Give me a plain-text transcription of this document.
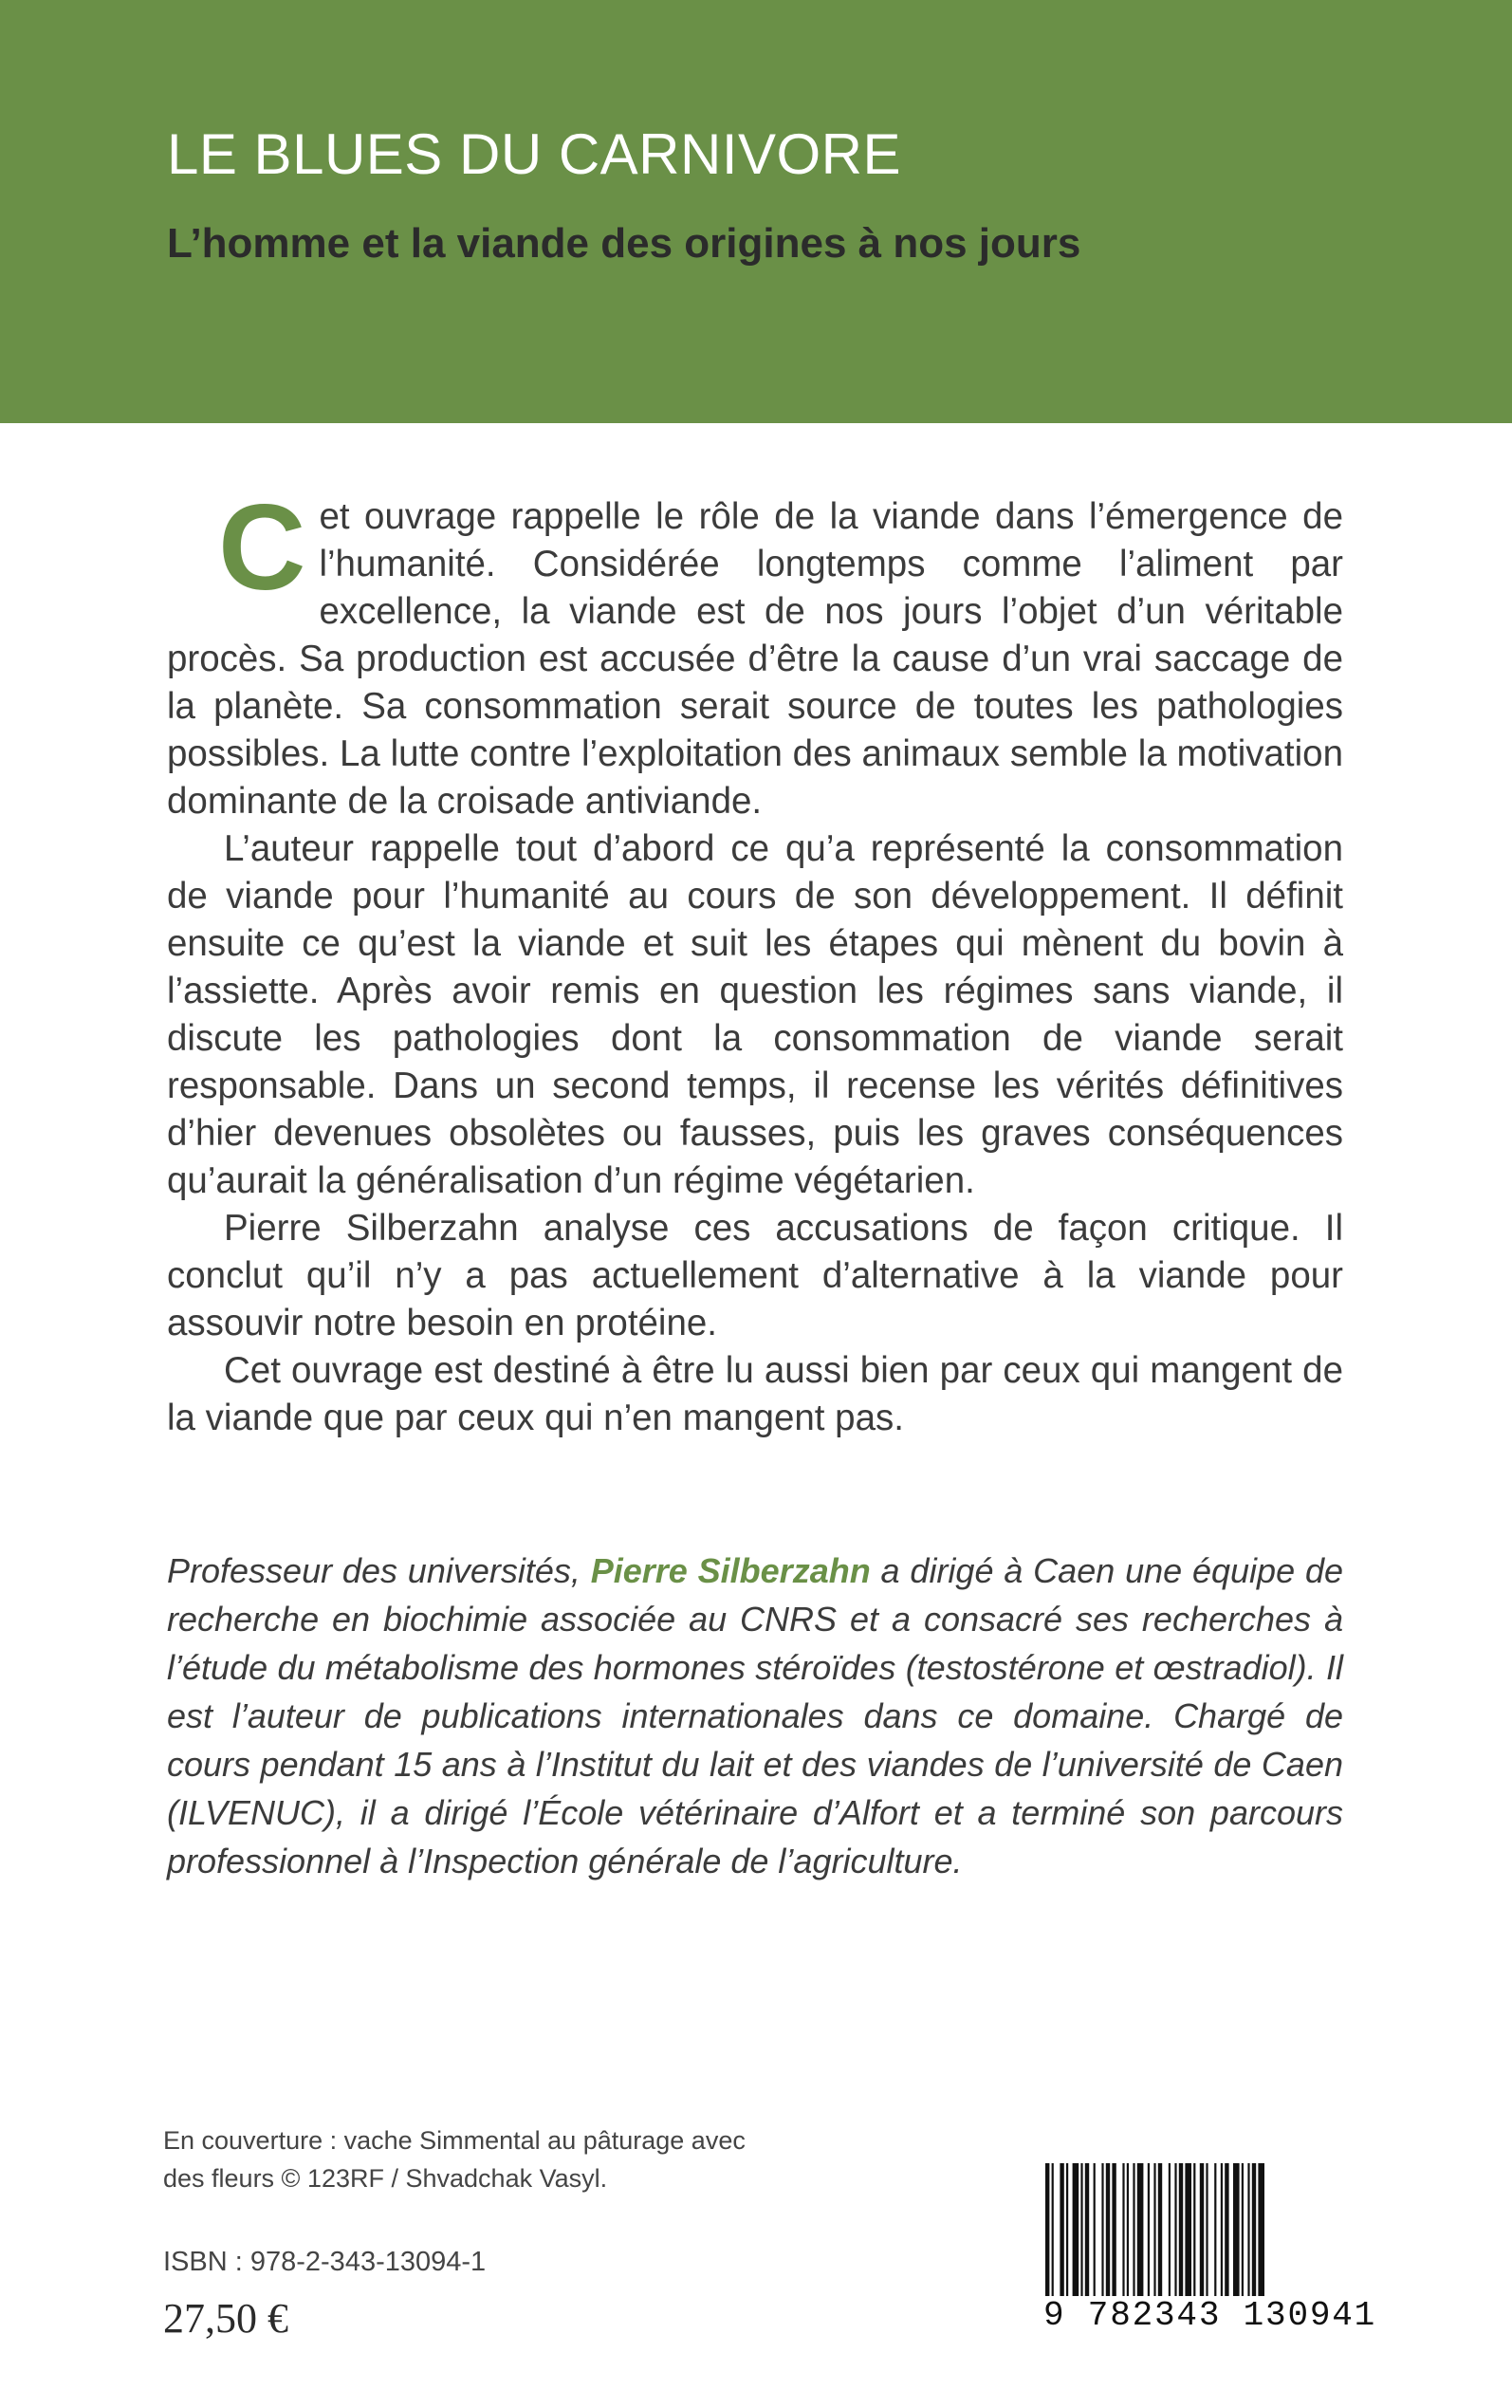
LE BLUES DU CARNIVORE
L’homme et la viande des origines à nos jours

Cet ouvrage rappelle le rôle de la viande dans l’émergence de l’humanité. Considérée longtemps comme l’aliment par excellence, la viande est de nos jours l’objet d’un véritable procès. Sa production est accusée d’être la cause d’un vrai saccage de la planète. Sa consommation serait source de toutes les pathologies possibles. La lutte contre l’exploitation des animaux semble la motivation dominante de la croisade antiviande.

L’auteur rappelle tout d’abord ce qu’a représenté la consommation de viande pour l’humanité au cours de son développement. Il définit ensuite ce qu’est la viande et suit les étapes qui mènent du bovin à l’assiette. Après avoir remis en question les régimes sans viande, il discute les pathologies dont la consommation de viande serait responsable. Dans un second temps, il recense les vérités définitives d’hier devenues obsolètes ou fausses, puis les graves conséquences qu’aurait la généralisation d’un régime végétarien.

Pierre Silberzahn analyse ces accusations de façon critique. Il conclut qu’il n’y a pas actuellement d’alternative à la viande pour assouvir notre besoin en protéine.

Cet ouvrage est destiné à être lu aussi bien par ceux qui mangent de la viande que par ceux qui n’en mangent pas.

Professeur des universités, Pierre Silberzahn a dirigé à Caen une équipe de recherche en biochimie associée au CNRS et a consacré ses recherches à l’étude du métabolisme des hormones stéroïdes (testostérone et œstradiol). Il est l’auteur de publications internationales dans ce domaine. Chargé de cours pendant 15 ans à l’Institut du lait et des viandes de l’université de Caen (ILVENUC), il a dirigé l’École vétérinaire d’Alfort et a terminé son parcours professionnel à l’Inspection générale de l’agriculture.
En couverture : vache Simmental au pâturage avec des fleurs © 123RF / Shvadchak Vasyl.
ISBN : 978-2-343-13094-1
27,50 €	9 782343 130941
